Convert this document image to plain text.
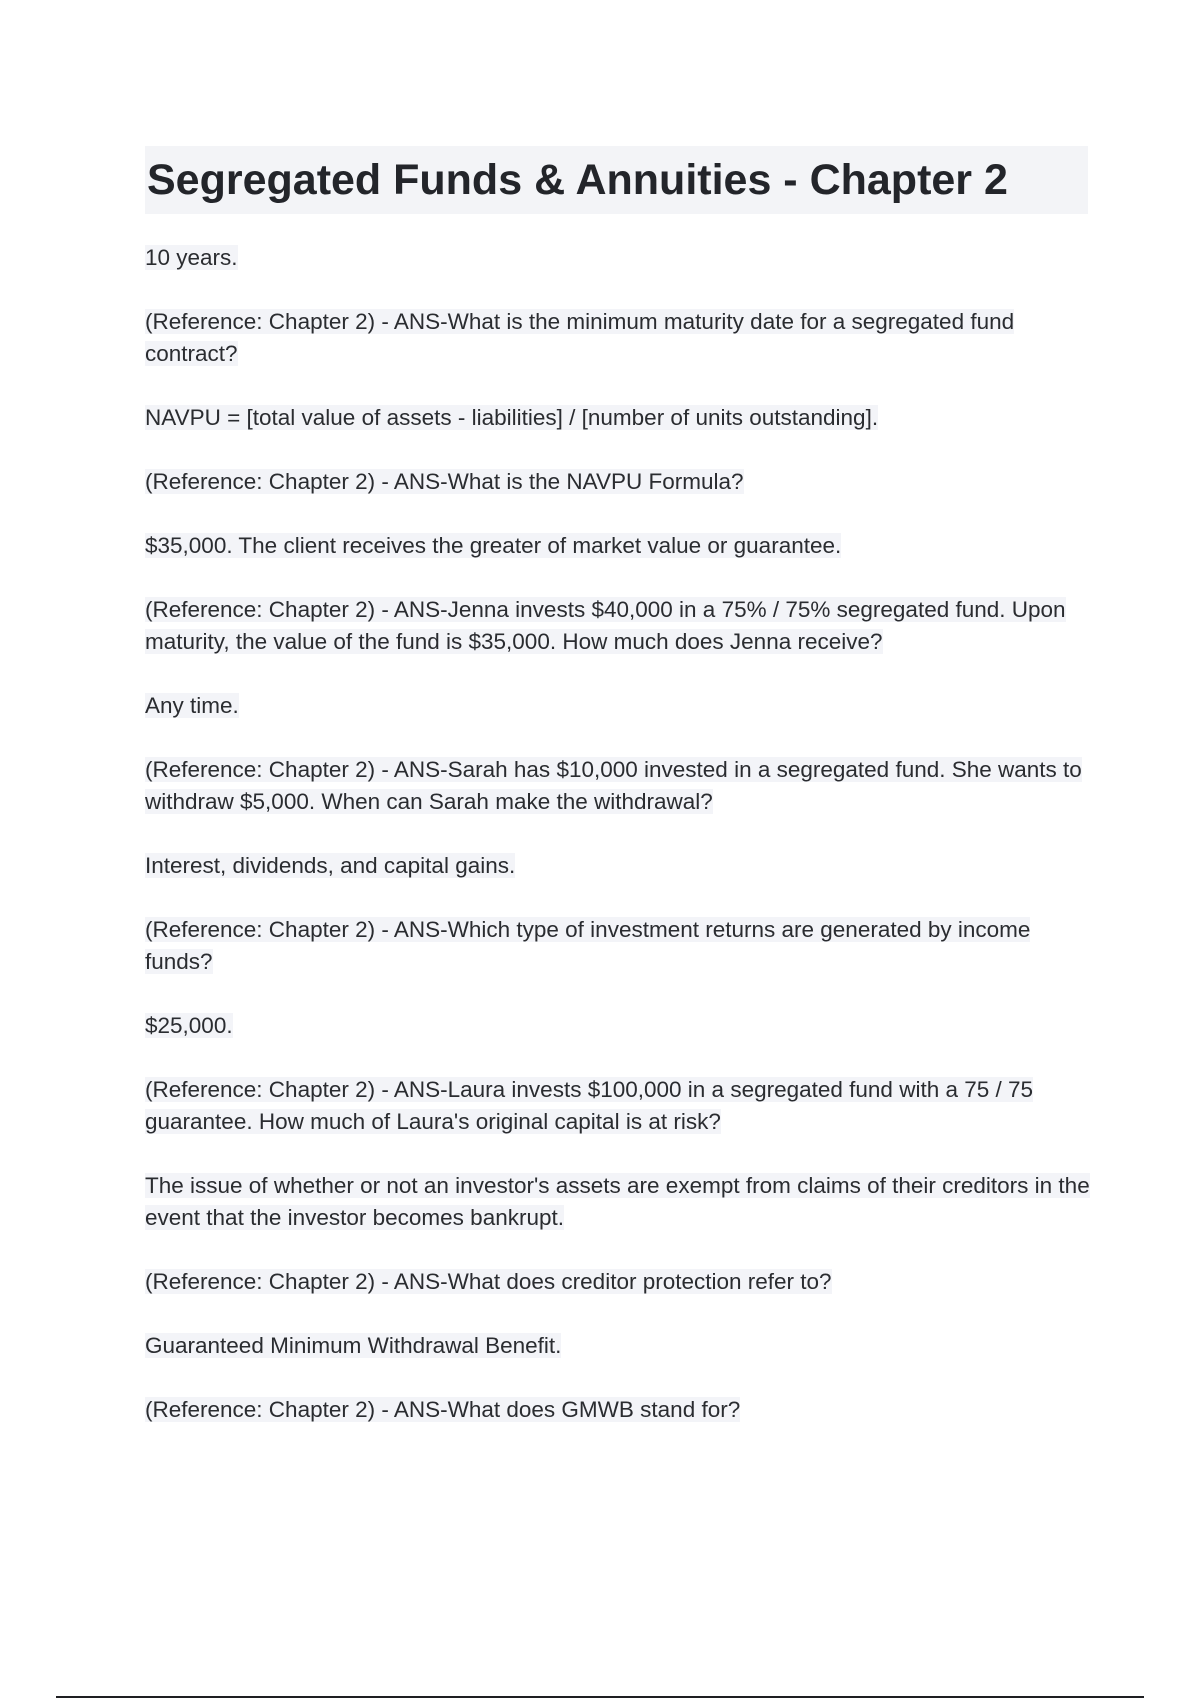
Segregated Funds & Annuities - Chapter 2

10 years.

(Reference: Chapter 2) - ANS-What is the minimum maturity date for a segregated fund contract?

NAVPU = [total value of assets - liabilities] / [number of units outstanding].

(Reference: Chapter 2) - ANS-What is the NAVPU Formula?

$35,000. The client receives the greater of market value or guarantee.

(Reference: Chapter 2) - ANS-Jenna invests $40,000 in a 75% / 75% segregated fund. Upon maturity, the value of the fund is $35,000. How much does Jenna receive?

Any time.

(Reference: Chapter 2) - ANS-Sarah has $10,000 invested in a segregated fund. She wants to withdraw $5,000. When can Sarah make the withdrawal?

Interest, dividends, and capital gains.

(Reference: Chapter 2) - ANS-Which type of investment returns are generated by income funds?

$25,000.

(Reference: Chapter 2) - ANS-Laura invests $100,000 in a segregated fund with a 75 / 75 guarantee. How much of Laura's original capital is at risk?

The issue of whether or not an investor's assets are exempt from claims of their creditors in the event that the investor becomes bankrupt.

(Reference: Chapter 2) - ANS-What does creditor protection refer to?

Guaranteed Minimum Withdrawal Benefit.

(Reference: Chapter 2) - ANS-What does GMWB stand for?
